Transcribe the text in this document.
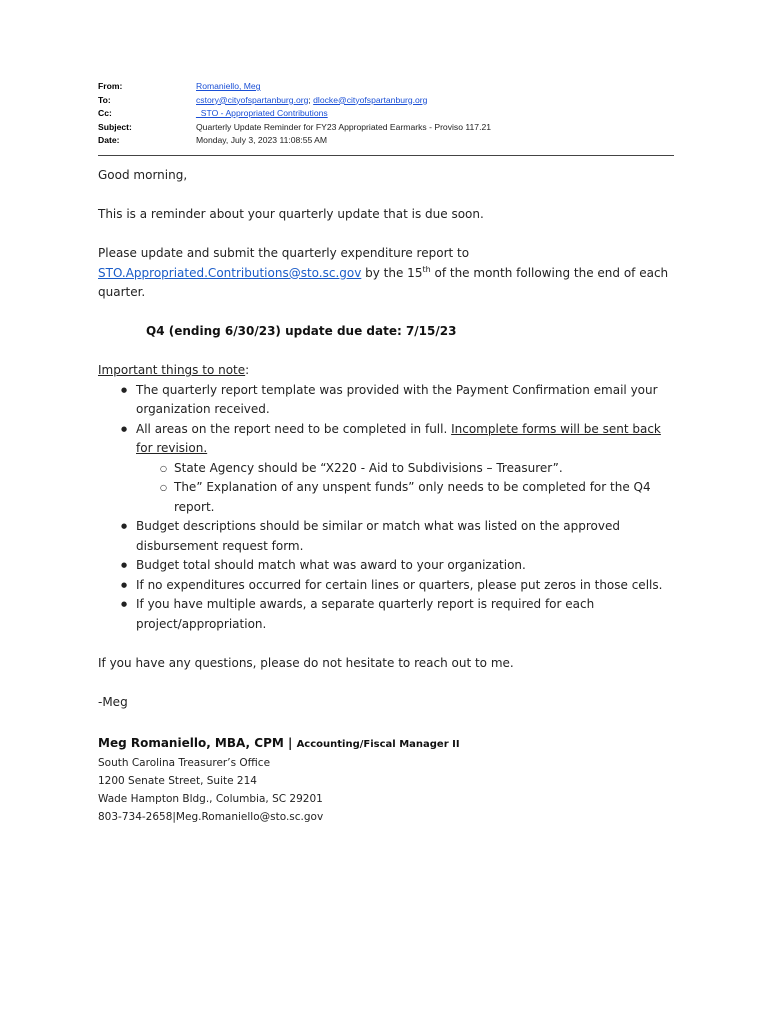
From:	Romaniello, Meg
To:	cstory@cityofspartanburg.org; dlocke@cityofspartanburg.org
Cc:	_STO - Appropriated Contributions
Subject:	Quarterly Update Reminder for FY23 Appropriated Earmarks - Proviso 117.21
Date:	Monday, July 3, 2023 11:08:55 AM

Good morning,

This is a reminder about your quarterly update that is due soon.

Please update and submit the quarterly expenditure report to
STO.Appropriated.Contributions@sto.sc.gov by the 15th of the month following the end of each quarter.

Q4 (ending 6/30/23) update due date: 7/15/23

Important things to note:

● The quarterly report template was provided with the Payment Confirmation email your organization received.
● All areas on the report need to be completed in full. Incomplete forms will be sent back for revision.
○ State Agency should be “X220 - Aid to Subdivisions – Treasurer”.
○ The” Explanation of any unspent funds” only needs to be completed for the Q4 report.
● Budget descriptions should be similar or match what was listed on the approved disbursement request form.
● Budget total should match what was award to your organization.
● If no expenditures occurred for certain lines or quarters, please put zeros in those cells.
● If you have multiple awards, a separate quarterly report is required for each project/appropriation.

If you have any questions, please do not hesitate to reach out to me.

-Meg

Meg Romaniello, MBA, CPM | Accounting/Fiscal Manager II
South Carolina Treasurer’s Office
1200 Senate Street, Suite 214
Wade Hampton Bldg., Columbia, SC 29201
803-734-2658|Meg.Romaniello@sto.sc.gov
